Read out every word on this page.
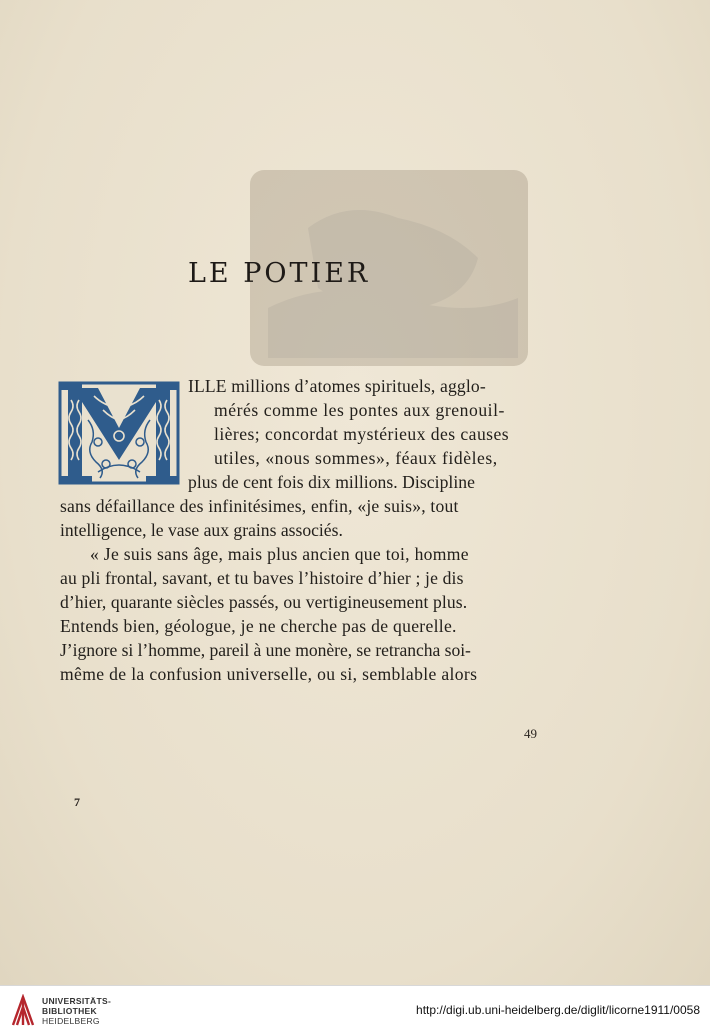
LE POTIER

ILLE millions d’atomes spirituels, agglo-

mérés comme les pontes aux grenouil-

lières; concordat mystérieux des causes

utiles, «nous sommes», féaux fidèles,

plus de cent fois dix millions. Discipline

sans défaillance des infinitésimes, enfin, «je suis», tout

intelligence, le vase aux grains associés.

« Je suis sans âge, mais plus ancien que toi, homme

au pli frontal, savant, et tu baves l’histoire d’hier ; je dis

d’hier, quarante siècles passés, ou vertigineusement plus.

Entends bien, géologue, je ne cherche pas de querelle.

J’ignore si l’homme, pareil à une monère, se retrancha soi-

même de la confusion universelle, ou si, semblable alors

49
7
UNIVERSITÄTS-
BIBLIOTHEK
HEIDELBERG
http://digi.ub.uni-heidelberg.de/diglit/licorne1911/0058
